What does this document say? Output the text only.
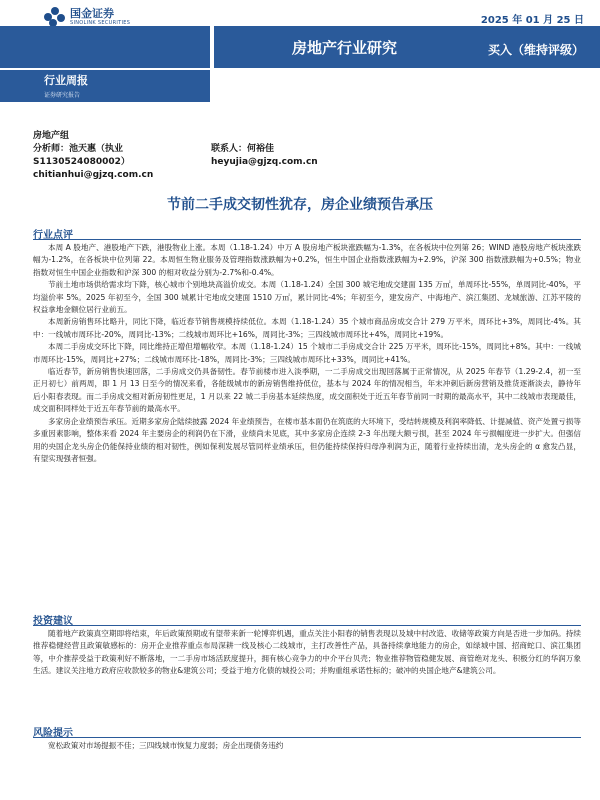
国金证券
SINOLINK SECURITIES	2025 年 01 月 25 日
房地产行业研究	买入（维持评级）
行业周报
证券研究报告
房地产组
分析师：池天惠（执业 S1130524080002）
chitianhui@gjzq.com.cn
联系人：何裕佳
heyujia@gjzq.com.cn
节前二手成交韧性犹存，房企业绩预告承压
行业点评

本周 A 股地产、港股地产下跌，港股物业上涨。本周（1.18-1.24）中万 A 股房地产板块涨跌幅为-1.3%，在各板块中位列第 26；WIND 港股房地产板块涨跌幅为-1.2%，在各板块中位列第 22。本周恒生物业服务及管理指数涨跌幅为+0.2%，恒生中国企业指数涨跌幅为+2.9%，沪深 300 指数涨跌幅为+0.5%；物业指数对恒生中国企业指数和沪深 300 的相对收益分别为-2.7%和-0.4%。

节前土地市场供给需求均下降，核心城市个别地块高溢价成交。本周（1.18-1.24）全国 300 城宅地成交建面 135 万㎡，单周环比-55%，单周同比-40%，平均溢价率 5%。2025 年初至今，全国 300 城累计宅地成交建面 1510 万㎡，累计同比-4%；年初至今，建发房产、中海地产、滨江集团、龙城旅游、江苏平陵的权益拿地金额位居行业前五。

本周新房销售环比略升，同比下降，临近春节销售规模持续低位。本周（1.18-1.24）35 个城市商品房成交合计 279 万平米，周环比+3%，周同比-4%。其中：一线城市周环比-20%，周同比-13%；二线城市周环比+16%，周同比-3%；三四线城市周环比+4%，周同比+19%。

本周二手房成交环比下降，同比维持正增但增幅收窄。本周（1.18-1.24）15 个城市二手房成交合计 225 万平米，周环比-15%，周同比+8%。其中：一线城市周环比-15%，周同比+27%；二线城市周环比-18%，周同比-3%；三四线城市周环比+33%，周同比+41%。

临近春节，新房销售快速回落，二手房成交仍具备韧性。春节前楼市进入淡季期，一二手房成交出现回落属于正常情况，从 2025 年春节（1.29-2.4，初一至正月初七）前两周，即 1 月 13 日至今的情况来看，各能级城市的新房销售维持低位，基本与 2024 年的情况相当，年末冲刺后新房营销及推货逐渐淡去，静待年后小阳春表现。而二手房成交相对新房韧性更足，1 月以来 22 城二手房基本延续热度，成交面积处于近五年春节前同一时期的最高水平，其中二线城市表现最佳，成交面积同样处于近五年春节前的最高水平。

多家房企业绩预告承压。近期多家房企陆续披露 2024 年业绩预告，在楼市基本面仍在筑底的大环境下，受结转规模及利润率降低、计提减值、资产处置亏损等多重因素影响，整体来看 2024 年主要房企的利润仍在下滑，业绩尚未见底，其中多家房企连续 2-3 年出现大额亏损，甚至 2024 年亏损幅度进一步扩大。但强信用的央国企龙头房企仍能保持业绩的相对韧性，例如保利发展尽管同样业绩承压，但仍能持续保持归母净利润为正，随着行业持续出清，龙头房企的 α 愈发凸显，有望实现强者恒强。

投资建议

随着地产政策真空期即将结束，年后政策预期或有望带来新一轮博弈机遇，重点关注小阳春的销售表现以及城中村改造、收储等政策方向是否进一步加码。持续推荐稳健经营且政策敏感标的：房开企业推荐重点布局深耕一线及核心二线城市，主打改善性产品，具备持续拿地能力的房企，如绿城中国、招商蛇口、滨江集团等，中介推荐受益于政策利好不断落地，一二手房市场活跃度提升，拥有核心竞争力的中介平台贝壳；物业推荐物管稳健发展、商管绝对龙头、积极分红的华润万象生活。建议关注地方政府应收款较多的物业&建筑公司；受益于地方化债的城投公司；并购重组承诺性标的；破冲的央国企地产&建筑公司。

风险提示

宽松政策对市场提振不佳；三四线城市恢复力度弱；房企出现债务违约
